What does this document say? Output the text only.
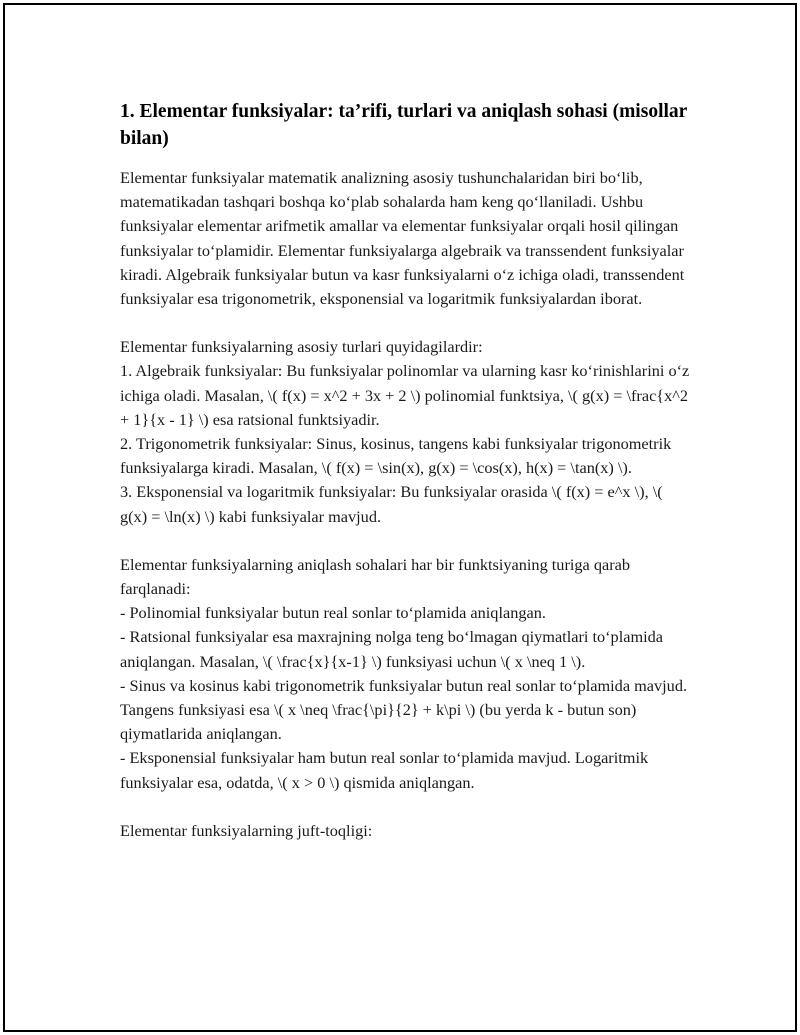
1. Elementar funksiyalar: ta’rifi, turlari va aniqlash sohasi (misollar bilan)

Elementar funksiyalar matematik analizning asosiy tushunchalaridan biri bo‘lib, matematikadan tashqari boshqa ko‘plab sohalarda ham keng qo‘llaniladi. Ushbu funksiyalar elementar arifmetik amallar va elementar funksiyalar orqali hosil qilingan funksiyalar to‘plamidir. Elementar funksiyalarga algebraik va transsendent funksiyalar kiradi. Algebraik funksiyalar butun va kasr funksiyalarni o‘z ichiga oladi, transsendent funksiyalar esa trigonometrik, eksponensial va logaritmik funksiyalardan iborat.

Elementar funksiyalarning asosiy turlari quyidagilardir:
1. Algebraik funksiyalar: Bu funksiyalar polinomlar va ularning kasr ko‘rinishlarini o‘z ichiga oladi. Masalan, \( f(x) = x^2 + 3x + 2 \) polinomial funktsiya, \( g(x) = \frac{x^2 + 1}{x - 1} \) esa ratsional funktsiyadir.
2. Trigonometrik funksiyalar: Sinus, kosinus, tangens kabi funksiyalar trigonometrik funksiyalarga kiradi. Masalan, \( f(x) = \sin(x), g(x) = \cos(x), h(x) = \tan(x) \).
3. Eksponensial va logaritmik funksiyalar: Bu funksiyalar orasida \( f(x) = e^x \), \( g(x) = \ln(x) \) kabi funksiyalar mavjud.

Elementar funksiyalarning aniqlash sohalari har bir funktsiyaning turiga qarab farqlanadi:
- Polinomial funksiyalar butun real sonlar to‘plamida aniqlangan.
- Ratsional funksiyalar esa maxrajning nolga teng bo‘lmagan qiymatlari to‘plamida aniqlangan. Masalan, \( \frac{x}{x-1} \) funksiyasi uchun \( x \neq 1 \).
- Sinus va kosinus kabi trigonometrik funksiyalar butun real sonlar to‘plamida mavjud. Tangens funksiyasi esa \( x \neq \frac{\pi}{2} + k\pi \) (bu yerda k - butun son) qiymatlarida aniqlangan.
- Eksponensial funksiyalar ham butun real sonlar to‘plamida mavjud. Logaritmik funksiyalar esa, odatda, \( x > 0 \) qismida aniqlangan.

Elementar funksiyalarning juft-toqligi:
